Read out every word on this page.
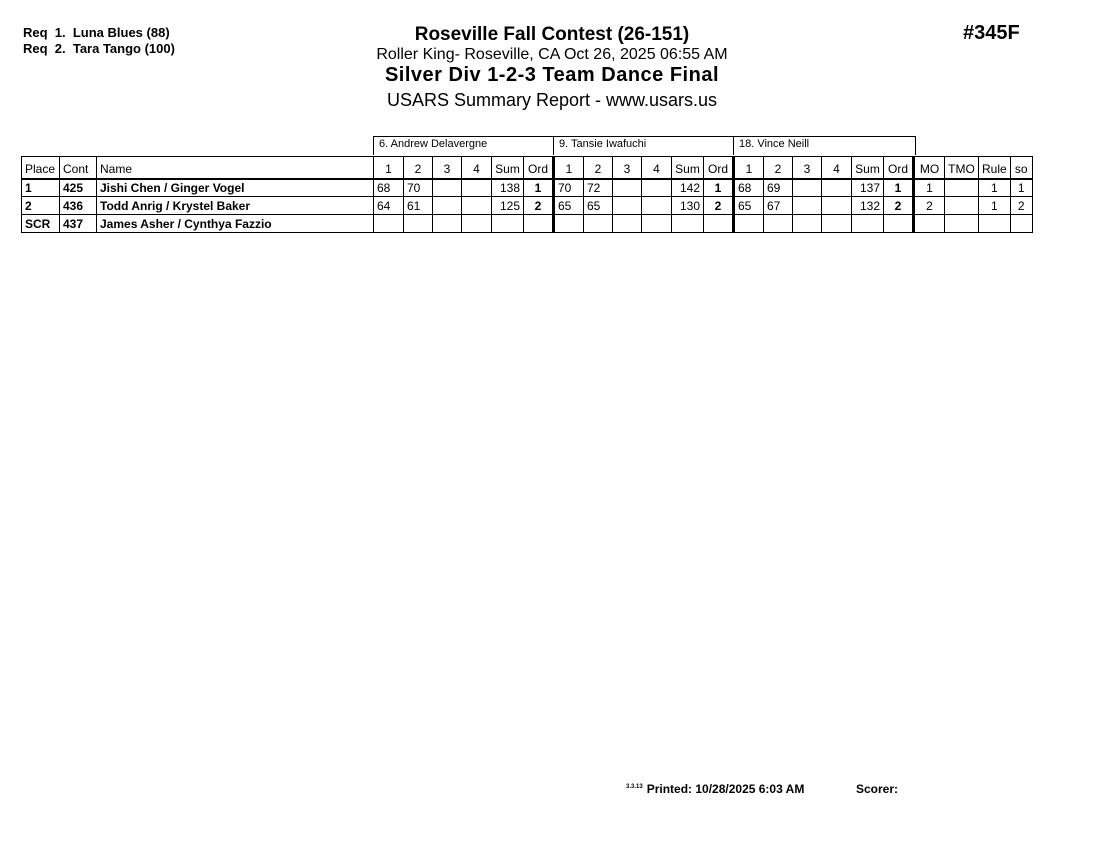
Req  1.  Luna Blues (88)
Req  2.  Tara Tango (100)
Roseville Fall Contest (26-151)
Roller King- Roseville, CA Oct 26, 2025 06:55 AM
Silver Div 1-2-3 Team Dance Final
USARS Summary Report - www.usars.us
#345F
6. Andrew Delavergne	9. Tansie Iwafuchi	18. Vince Neill
Place	Cont	Name	1	2	3	4	Sum	Ord	1	2	3	4	Sum	Ord	1	2	3	4	Sum	Ord	MO	TMO	Rule	so
1	425	Jishi Chen / Ginger Vogel	68	70			138	1	70	72			142	1	68	69			137	1	1		1	1
2	436	Todd Anrig / Krystel Baker	64	61			125	2	65	65			130	2	65	67			132	2	2		1	2
SCR	437	James Asher / Cynthya Fazzio																						
$^{3.3.13}$ Printed: 10/28/2025 6:03 AM	Scorer:
